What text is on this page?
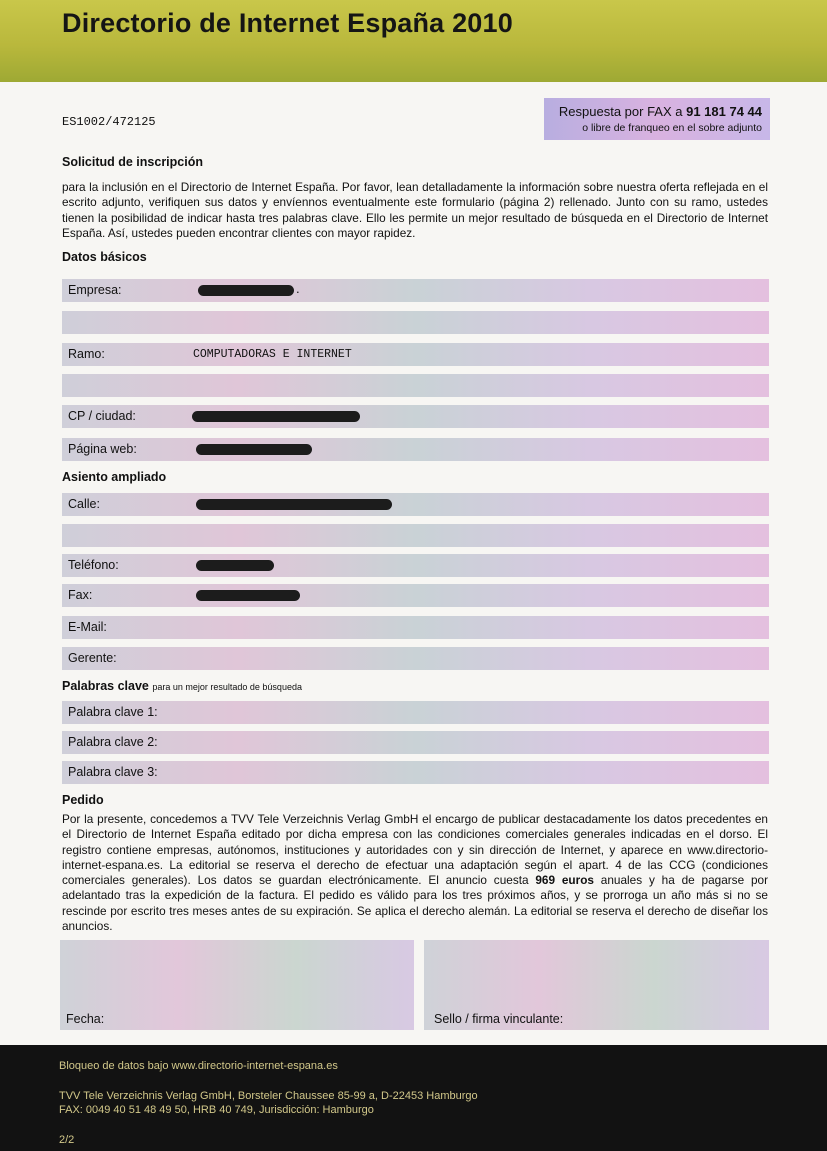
Directorio de Internet España 2010
ES1002/472125
Respuesta por FAX a 91 181 74 44
o libre de franqueo en el sobre adjunto
Solicitud de inscripción
para la inclusión en el Directorio de Internet España. Por favor, lean detalladamente la información sobre nuestra oferta reflejada en el escrito adjunto, verifiquen sus datos y envíennos eventualmente este formulario (página 2) rellenado. Junto con su ramo, ustedes tienen la posibilidad de indicar hasta tres palabras clave. Ello les permite un mejor resultado de búsqueda en el Directorio de Internet España. Así, ustedes pueden encontrar clientes con mayor rapidez.
Datos básicos
Empresa:	.
Ramo:	COMPUTADORAS E INTERNET
CP / ciudad:
Página web:
Asiento ampliado
Calle:
Teléfono:
Fax:
E-Mail:
Gerente:
Palabras clave para un mejor resultado de búsqueda
Palabra clave 1:
Palabra clave 2:
Palabra clave 3:
Pedido
Por la presente, concedemos a TVV Tele Verzeichnis Verlag GmbH el encargo de publicar destacadamente los datos precedentes en el Directorio de Internet España editado por dicha empresa con las condiciones comerciales generales indicadas en el dorso. El registro contiene empresas, autónomos, instituciones y autoridades con y sin dirección de Internet, y aparece en www.directorio-internet-espana.es. La editorial se reserva el derecho de efectuar una adaptación según el apart. 4 de las CCG (condiciones comerciales generales). Los datos se guardan electrónicamente. El anuncio cuesta 969 euros anuales y ha de pagarse por adelantado tras la expedición de la factura. El pedido es válido para los tres próximos años, y se prorroga un año más si no se rescinde por escrito tres meses antes de su expiración. Se aplica el derecho alemán. La editorial se reserva el derecho de diseñar los anuncios.
Fecha:	Sello / firma vinculante:
Bloqueo de datos bajo www.directorio-internet-espana.es
TVV Tele Verzeichnis Verlag GmbH, Borsteler Chaussee 85-99 a, D-22453 Hamburgo
FAX: 0049 40 51 48 49 50, HRB 40 749, Jurisdicción: Hamburgo
2/2
